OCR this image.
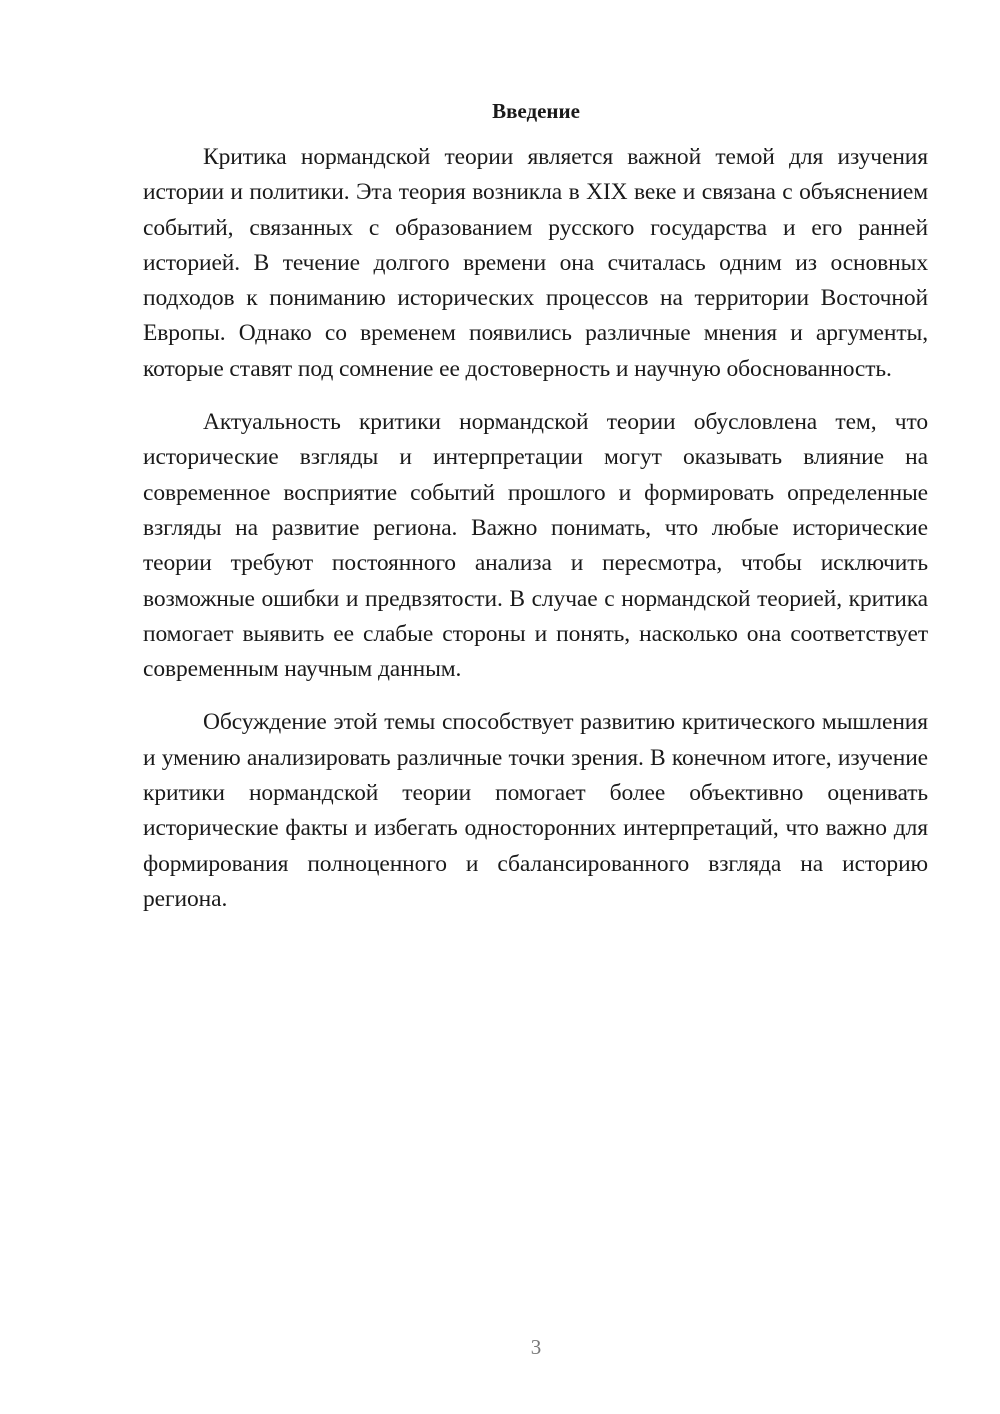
Введение

Критика нормандской теории является важной темой для изучения истории и политики. Эта теория возникла в XIX веке и связана с объяснением событий, связанных с образованием русского государства и его ранней историей. В течение долгого времени она считалась одним из основных подходов к пониманию исторических процессов на территории Восточной Европы. Однако со временем появились различные мнения и аргументы, которые ставят под сомнение ее достоверность и научную обоснованность.

Актуальность критики нормандской теории обусловлена тем, что исторические взгляды и интерпретации могут оказывать влияние на современное восприятие событий прошлого и формировать определенные взгляды на развитие региона. Важно понимать, что любые исторические теории требуют постоянного анализа и пересмотра, чтобы исключить возможные ошибки и предвзятости. В случае с нормандской теорией, критика помогает выявить ее слабые стороны и понять, насколько она соответствует современным научным данным.

Обсуждение этой темы способствует развитию критического мышления и умению анализировать различные точки зрения. В конечном итоге, изучение критики нормандской теории помогает более объективно оценивать исторические факты и избегать односторонних интерпретаций, что важно для формирования полноценного и сбалансированного взгляда на историю региона.

3
